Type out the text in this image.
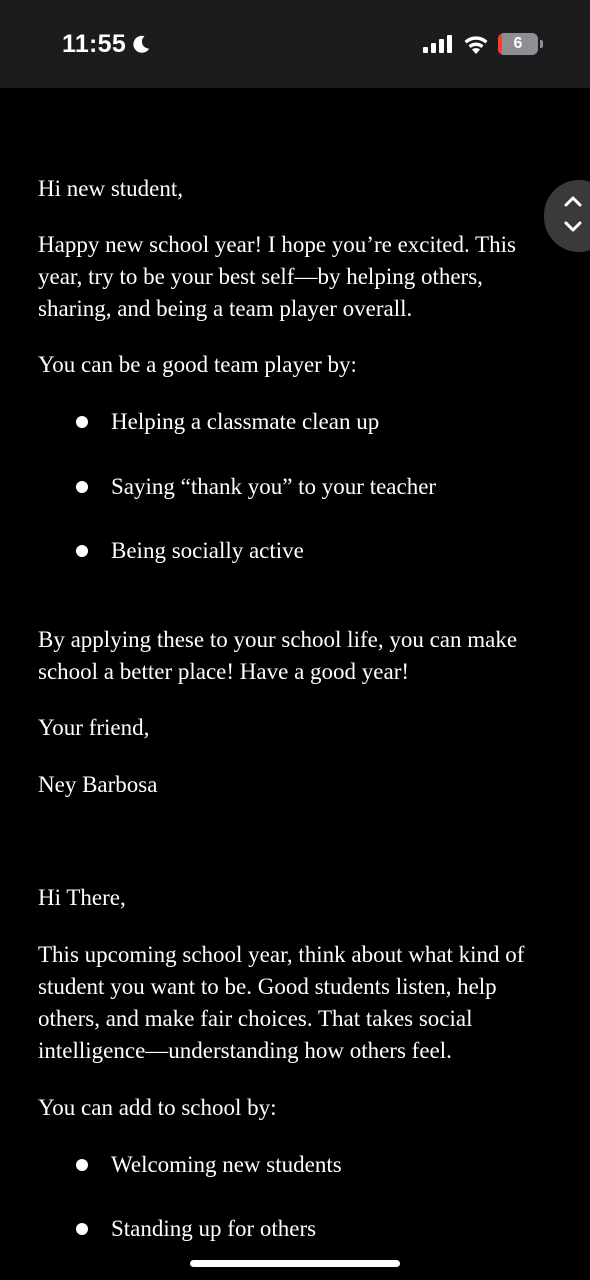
11:55	6

Hi new student,

Happy new school year! I hope you’re excited. This year, try to be your best self—by helping others, sharing, and being a team player overall.

You can be a good team player by:

Helping a classmate clean up
Saying “thank you” to your teacher
Being socially active

By applying these to your school life, you can make school a better place! Have a good year!

Your friend,

Ney Barbosa

Hi There,

This upcoming school year, think about what kind of student you want to be. Good students listen, help others, and make fair choices. That takes social intelligence—understanding how others feel.

You can add to school by:

Welcoming new students
Standing up for others
